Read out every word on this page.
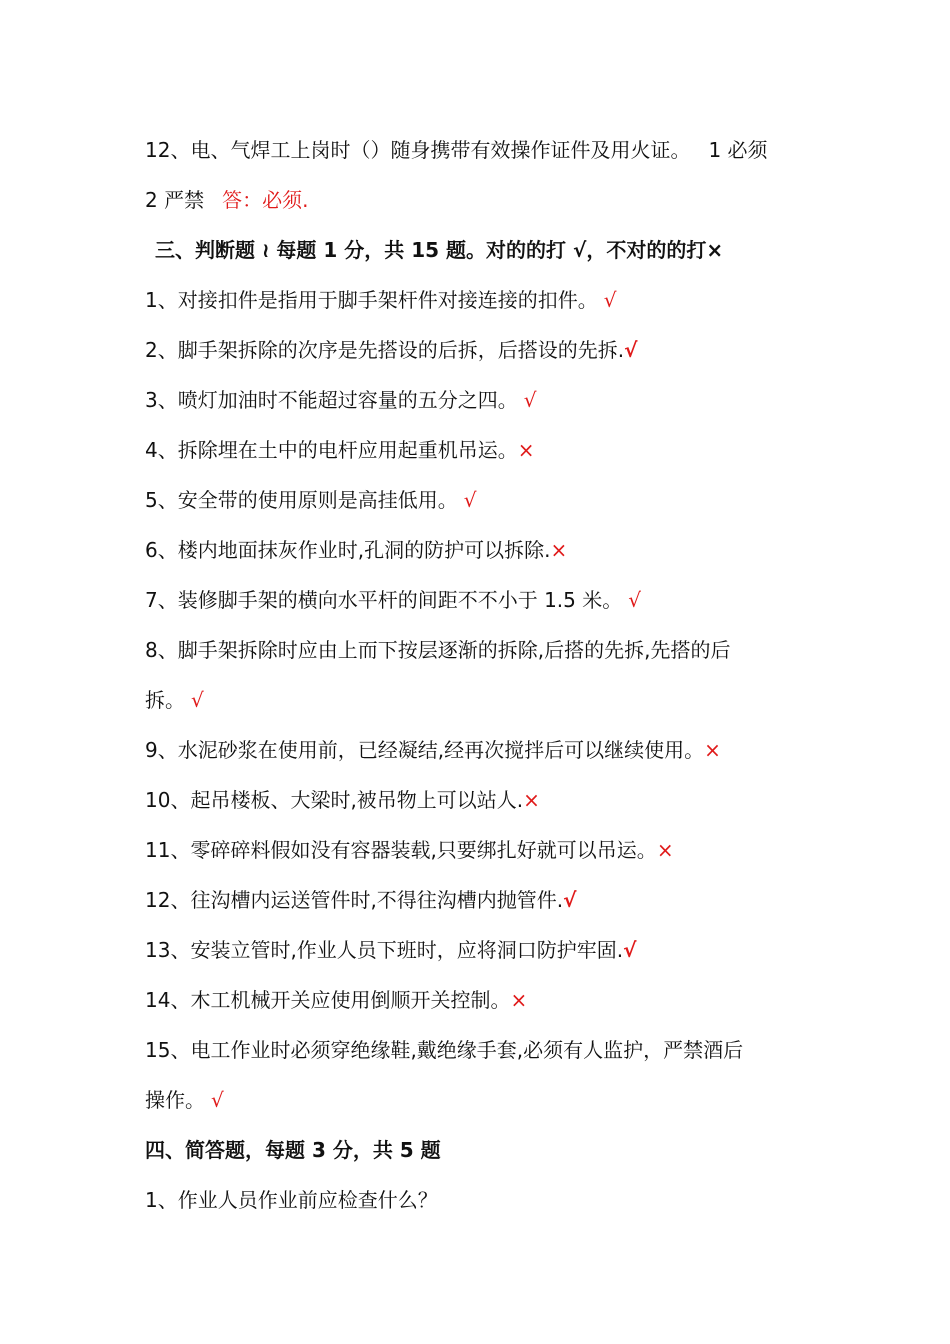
12、电、气焊工上岗时（）随身携带有效操作证件及用火证。 1 必须
2 严禁 答：必须.
三、判断题 ≀ 每题 1 分，共 15 题。对的的打 √，不对的的打×
1、对接扣件是指用于脚手架杆件对接连接的扣件。 √
2、脚手架拆除的次序是先搭设的后拆，后搭设的先拆.√
3、喷灯加油时不能超过容量的五分之四。 √
4、拆除埋在土中的电杆应用起重机吊运。×
5、安全带的使用原则是高挂低用。 √
6、楼内地面抹灰作业时,孔洞的防护可以拆除.×
7、装修脚手架的横向水平杆的间距不不小于 1.5 米。 √
8、脚手架拆除时应由上而下按层逐渐的拆除,后搭的先拆,先搭的后
拆。 √
9、水泥砂浆在使用前，已经凝结,经再次搅拌后可以继续使用。×
10、起吊楼板、大梁时,被吊物上可以站人.×
11、零碎碎料假如没有容器装载,只要绑扎好就可以吊运。×
12、往沟槽内运送管件时,不得往沟槽内抛管件.√
13、安装立管时,作业人员下班时，应将洞口防护牢固.√
14、木工机械开关应使用倒顺开关控制。×
15、电工作业时必须穿绝缘鞋,戴绝缘手套,必须有人监护，严禁酒后
操作。 √
四、简答题，每题 3 分，共 5 题
1、作业人员作业前应检查什么？
